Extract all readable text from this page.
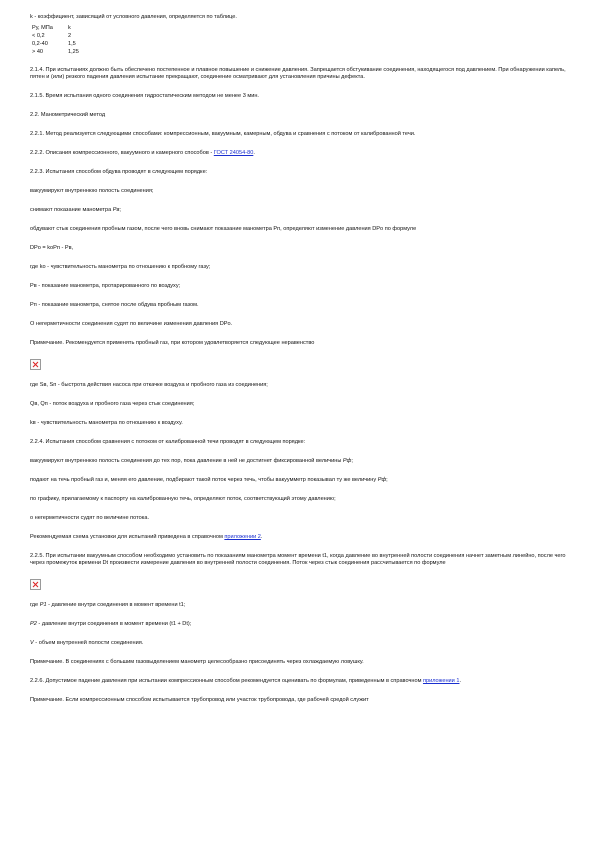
k - коэффициент, зависящий от условного давления, определяется по таблице.

Pу, МПа	k
< 0,2	2
0,2-40	1,5
> 40	1,25

2.1.4. При испытаниях должно быть обеспечено постепенное и плавное повышение и снижение давления. Запрещается обстукивание соединения, находящегося под давлением. При обнаружении капель, пятен и (или) резкого падения давления испытание прекращают, соединение осматривают для установления причины дефекта.

2.1.5. Время испытания одного соединения гидростатическим методом не менее 3 мин.

2.2. Манометрический метод

2.2.1. Метод реализуется следующими способами: компрессионным, вакуумным, камерным, обдува и сравнения с потоком от калиброванной течи.

2.2.2. Описания компрессионного, вакуумного и камерного способов - ГОСТ 24054-80.

2.2.3. Испытания способом обдува проводят в следующем порядке:

вакуумируют внутреннюю полость соединения;

снимают показание манометра Pв;

обдувают стык соединения пробным газом, после чего вновь снимают показание манометра Pп, определяют изменение давления DPo по формуле

DPo = koPп - Pв,

где ko - чувствительность манометра по отношению к пробному газу;

Pв - показание манометра, протарированного по воздуху;

Pп - показание манометра, снятое после обдува пробным газом.

О негерметичности соединения судят по величине изменения давления DPo.

Примечание. Рекомендуется применять пробный газ, при котором удовлетворяется следующее неравенство

где Sв, Sп - быстрота действия насоса при откачке воздуха и пробного газа из соединения;

Qв, Qп - поток воздуха и пробного газа через стык соединения;

kв - чувствительность манометра по отношению к воздуху.

2.2.4. Испытания способом сравнения с потоком от калиброванной течи проводят в следующем порядке:

вакуумируют внутреннюю полость соединения до тех пор, пока давление в ней не достигнет фиксированной величины Pф;

подают на течь пробный газ и, меняя его давление, подбирают такой поток через течь, чтобы вакуумметр показывал ту же величину Pф;

по графику, прилагаемому к паспорту на калиброванную течь, определяют поток, соответствующий этому давлению;

о негерметичности судят по величине потока.

Рекомендуемая схема установки для испытаний приведена в справочном приложении 2.

2.2.5. При испытании вакуумным способом необходимо установить по показаниям манометра момент времени t1, когда давление во внутренней полости соединения начнет заметным линейно, после чего через промежуток времени Dt произвести измерение давления во внутренней полости соединения. Поток через стык соединения рассчитывается по формуле

где P1 - давление внутри соединения в момент времени t1;

P2 - давление внутри соединения в момент времени (t1 + Dt);

V - объем внутренней полости соединения.

Примечание. В соединениях с большим газовыделением манометр целесообразно присоединять через охлаждаемую ловушку.

2.2.6. Допустимое падение давления при испытании компрессионным способом рекомендуется оценивать по формулам, приведенным в справочном приложении 1.

Примечание. Если компрессионным способом испытывается трубопровод или участок трубопровода, где рабочей средой служит
